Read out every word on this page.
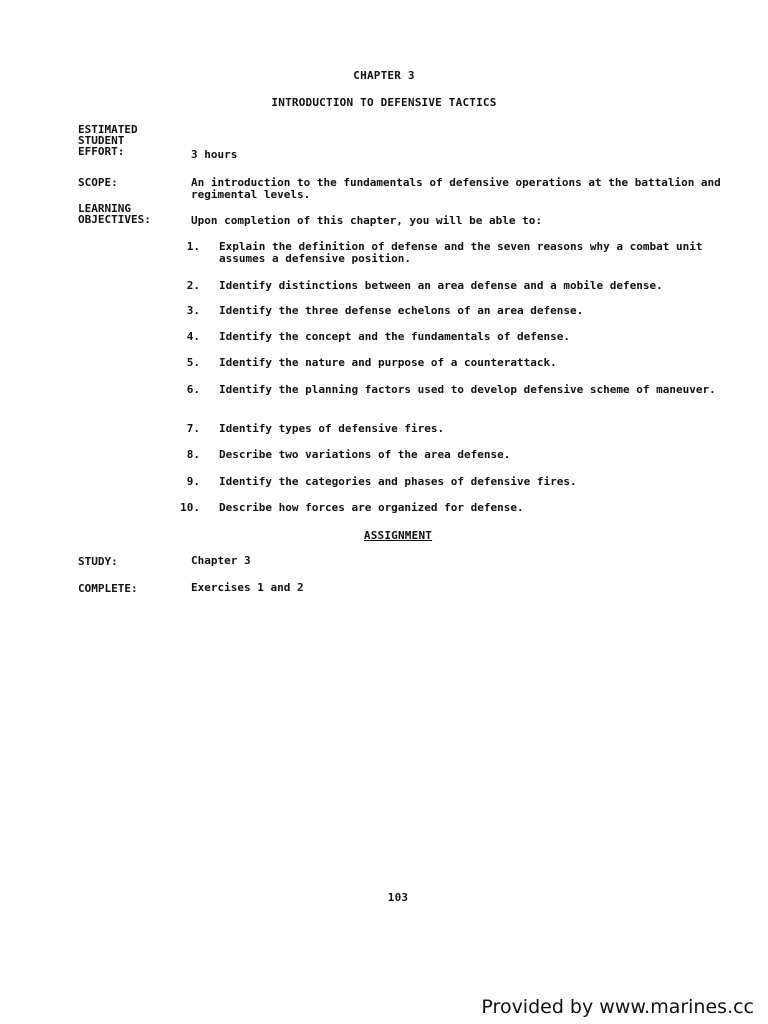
CHAPTER 3
INTRODUCTION TO DEFENSIVE TACTICS
ESTIMATED
STUDENT
EFFORT:	3 hours
SCOPE:	An introduction to the fundamentals of defensive operations at the battalion and regimental levels.
LEARNING
OBJECTIVES:	Upon completion of this chapter, you will be able to:
1. Explain the definition of defense and the seven reasons why a combat unit assumes a defensive position.
2. Identify distinctions between an area defense and a mobile defense.
3. Identify the three defense echelons of an area defense.
4. Identify the concept and the fundamentals of defense.
5. Identify the nature and purpose of a counterattack.
6. Identify the planning factors used to develop defensive scheme of maneuver.
7. Identify types of defensive fires.
8. Describe two variations of the area defense.
9. Identify the categories and phases of defensive fires.
10. Describe how forces are organized for defense.
ASSIGNMENT
STUDY:	Chapter 3
COMPLETE:	Exercises 1 and 2
103
Provided by www.marines.cc
